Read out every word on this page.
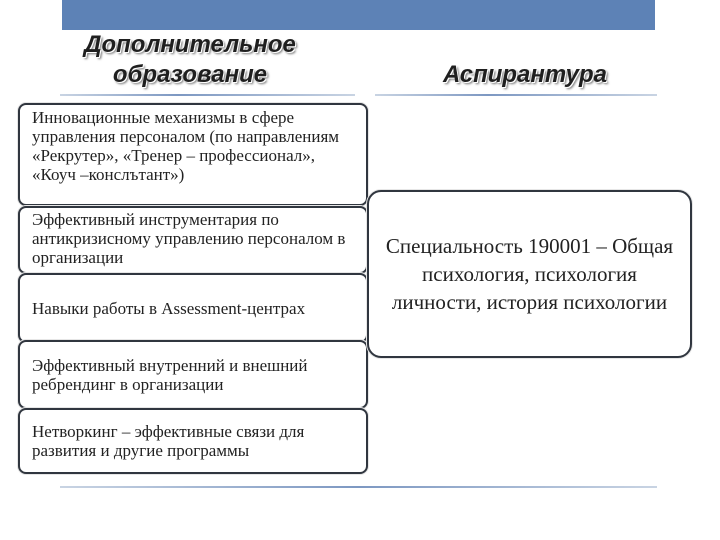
Дополнительное образование	Аспирантура
Инновационные механизмы в сфере управления персоналом (по направлениям «Рекрутер», «Тренер – профессионал», «Коуч –конслътант»)
Эффективный инструментария по антикризисному управлению персоналом в организации
Навыки работы в Assessment-центрах
Эффективный внутренний и внешний ребрендинг в организации
Нетворкинг – эффективные связи для развития и другие программы
Специальность 190001 – Общая психология, психология личности, история психологии
